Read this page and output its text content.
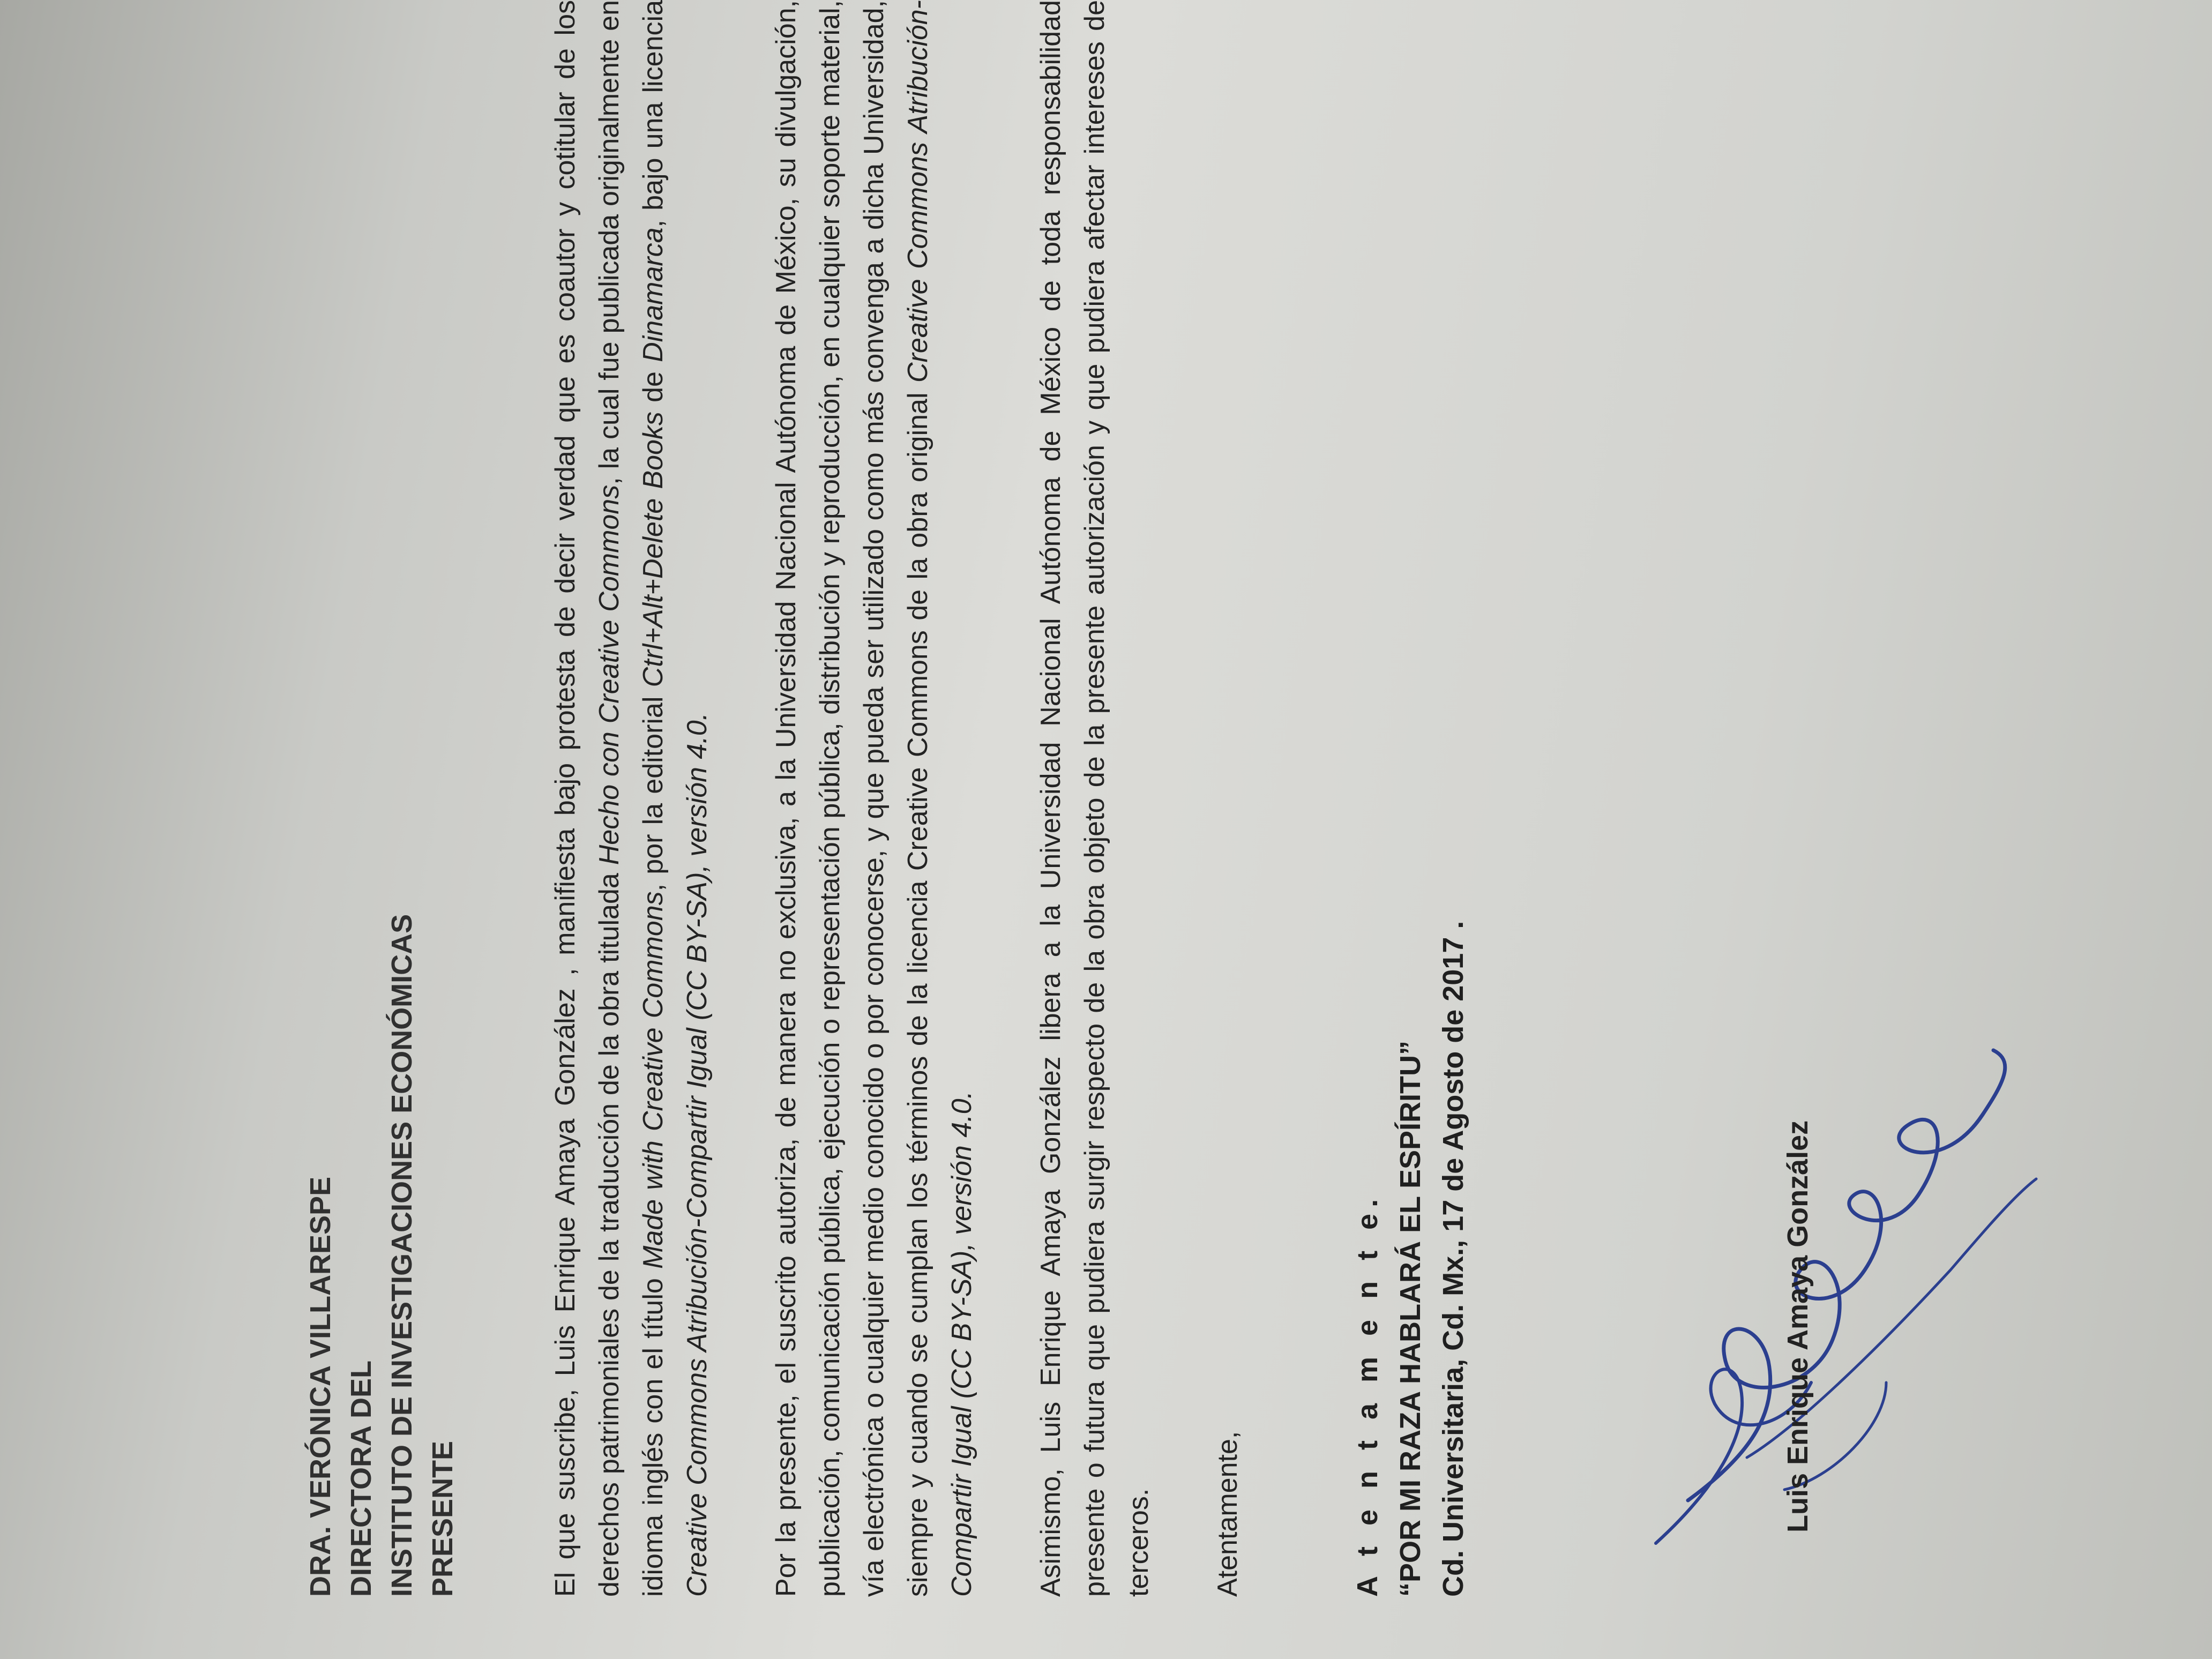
DRA. VERÓNICA VILLARESPE DIRECTORA DEL INSTITUTO DE INVESTIGACIONES ECONÓMICAS PRESENTE	El que suscribe, Luis Enrique Amaya González , manifiesta bajo protesta de decir verdad que es coautor y cotitular de los derechos patrimoniales de la traducción de la obra titulada Hecho con Creative Commons, la cual fue publicada originalmente en idioma inglés con el título Made with Creative Commons, por la editorial Ctrl+Alt+Delete Books de Dinamarca, bajo una licencia Creative Commons Atribución-Compartir Igual (CC BY-SA), versión 4.0. Por la presente, el suscrito autoriza, de manera no exclusiva, a la Universidad Nacional Autónoma de México, su divulgación, publicación, comunicación pública, ejecución o representación pública, distribución y reproducción, en cualquier soporte material, vía electrónica o cualquier medio conocido o por conocerse, y que pueda ser utilizado como más convenga a dicha Universidad, siempre y cuando se cumplan los términos de la licencia Creative Commons de la obra original Creative Commons Atribución-Compartir Igual (CC BY-SA), versión 4.0. Asimismo, Luis Enrique Amaya González libera a la Universidad Nacional Autónoma de México de toda responsabilidad presente o futura que pudiera surgir respecto de la obra objeto de la presente autorización y que pudiera afectar intereses de terceros. Atentamente,	A t e n t a m e n t e. “POR MI RAZA HABLARÁ EL ESPÍRITU” Cd. Universitaria, Cd. Mx., 17 de Agosto de 2017 .	Luis Enrique Amaya González
